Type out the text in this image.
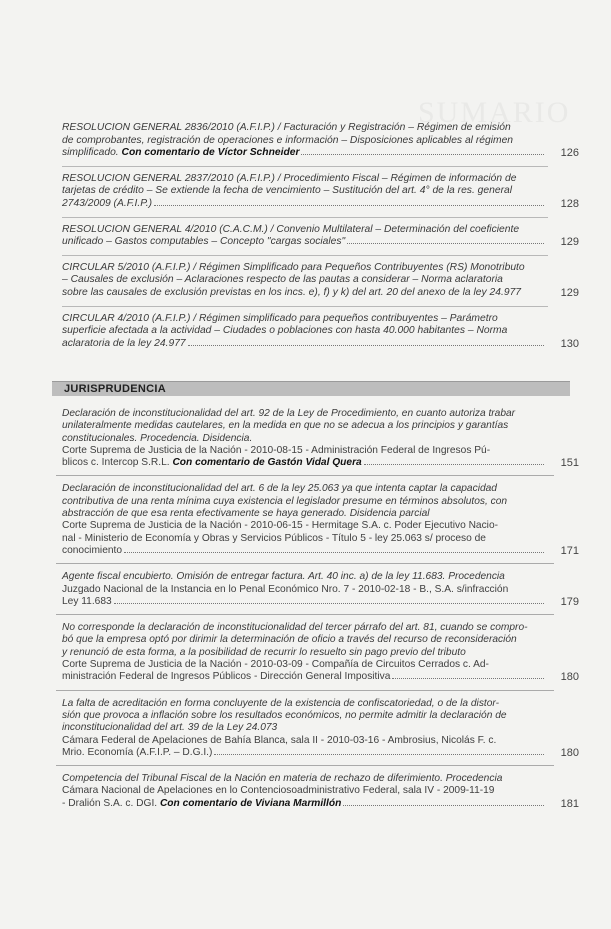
SUMARIO

RESOLUCION GENERAL 2836/2010 (A.F.I.P.) / Facturación y Registración – Régimen de emisión

de comprobantes, registración de operaciones e información – Disposiciones aplicables al régimen

simplificado.
Con comentario de Víctor Schneider	126

RESOLUCION GENERAL 2837/2010 (A.F.I.P.) / Procedimiento Fiscal – Régimen de información de

tarjetas de crédito – Se extiende la fecha de vencimiento – Sustitución del art. 4° de la res. general

2743/2009 (A.F.I.P.)	128

RESOLUCION GENERAL 4/2010 (C.A.C.M.) / Convenio Multilateral – Determinación del coeficiente

unificado – Gastos computables – Concepto "cargas sociales"	129

CIRCULAR 5/2010 (A.F.I.P.) / Régimen Simplificado para Pequeños Contribuyentes (RS) Monotributo

– Causales de exclusión – Aclaraciones respecto de las pautas a considerar – Norma aclaratoria

sobre las causales de exclusión previstas en los incs. e), f) y k) del art. 20 del anexo de la ley 24.977	129

CIRCULAR 4/2010 (A.F.I.P.) / Régimen simplificado para pequeños contribuyentes – Parámetro

superficie afectada a la actividad – Ciudades o poblaciones con hasta 40.000 habitantes – Norma

aclaratoria de la ley 24.977	130
JURISPRUDENCIA

Declaración de inconstitucionalidad del art. 92 de la Ley de Procedimiento, en cuanto autoriza trabar

unilateralmente medidas cautelares, en la medida en que no se adecua a los principios y garantías

constitucionales. Procedencia. Disidencia.

Corte Suprema de Justicia de la Nación - 2010-08-15 - Administración Federal de Ingresos Pú-

blicos c. Intercop S.R.L.
Con comentario de Gastón Vidal Quera	151

Declaración de inconstitucionalidad del art. 6 de la ley 25.063 ya que intenta captar la capacidad

contributiva de una renta mínima cuya existencia el legislador presume en términos absolutos, con

abstracción de que esa renta efectivamente se haya generado. Disidencia parcial

Corte Suprema de Justicia de la Nación - 2010-06-15 - Hermitage S.A. c. Poder Ejecutivo Nacio-

nal - Ministerio de Economía y Obras y Servicios Públicos - Título 5 - ley 25.063 s/ proceso de

conocimiento	171

Agente fiscal encubierto. Omisión de entregar factura. Art. 40 inc. a) de la ley 11.683. Procedencia

Juzgado Nacional de la Instancia en lo Penal Económico Nro. 7 - 2010-02-18 - B., S.A. s/infracción

Ley 11.683	179

No corresponde la declaración de inconstitucionalidad del tercer párrafo del art. 81, cuando se compro-

bó que la empresa optó por dirimir la determinación de oficio a través del recurso de reconsideración

y renunció de esta forma, a la posibilidad de recurrir lo resuelto sin pago previo del tributo

Corte Suprema de Justicia de la Nación - 2010-03-09 - Compañía de Circuitos Cerrados c. Ad-

ministración Federal de Ingresos Públicos - Dirección General Impositiva	180

La falta de acreditación en forma concluyente de la existencia de confiscatoriedad, o de la distor-

sión que provoca a inflación sobre los resultados económicos, no permite admitir la declaración de

inconstitucionalidad del art. 39 de la Ley 24.073

Cámara Federal de Apelaciones de Bahía Blanca, sala II - 2010-03-16 - Ambrosius, Nicolás F. c.

Mrio. Economía (A.F.I.P. – D.G.I.)	180

Competencia del Tribunal Fiscal de la Nación en materia de rechazo de diferimiento. Procedencia

Cámara Nacional de Apelaciones en lo Contenciosoadministrativo Federal, sala IV - 2009-11-19

- Dralión S.A. c. DGI.
Con comentario de Viviana Marmillón	181
